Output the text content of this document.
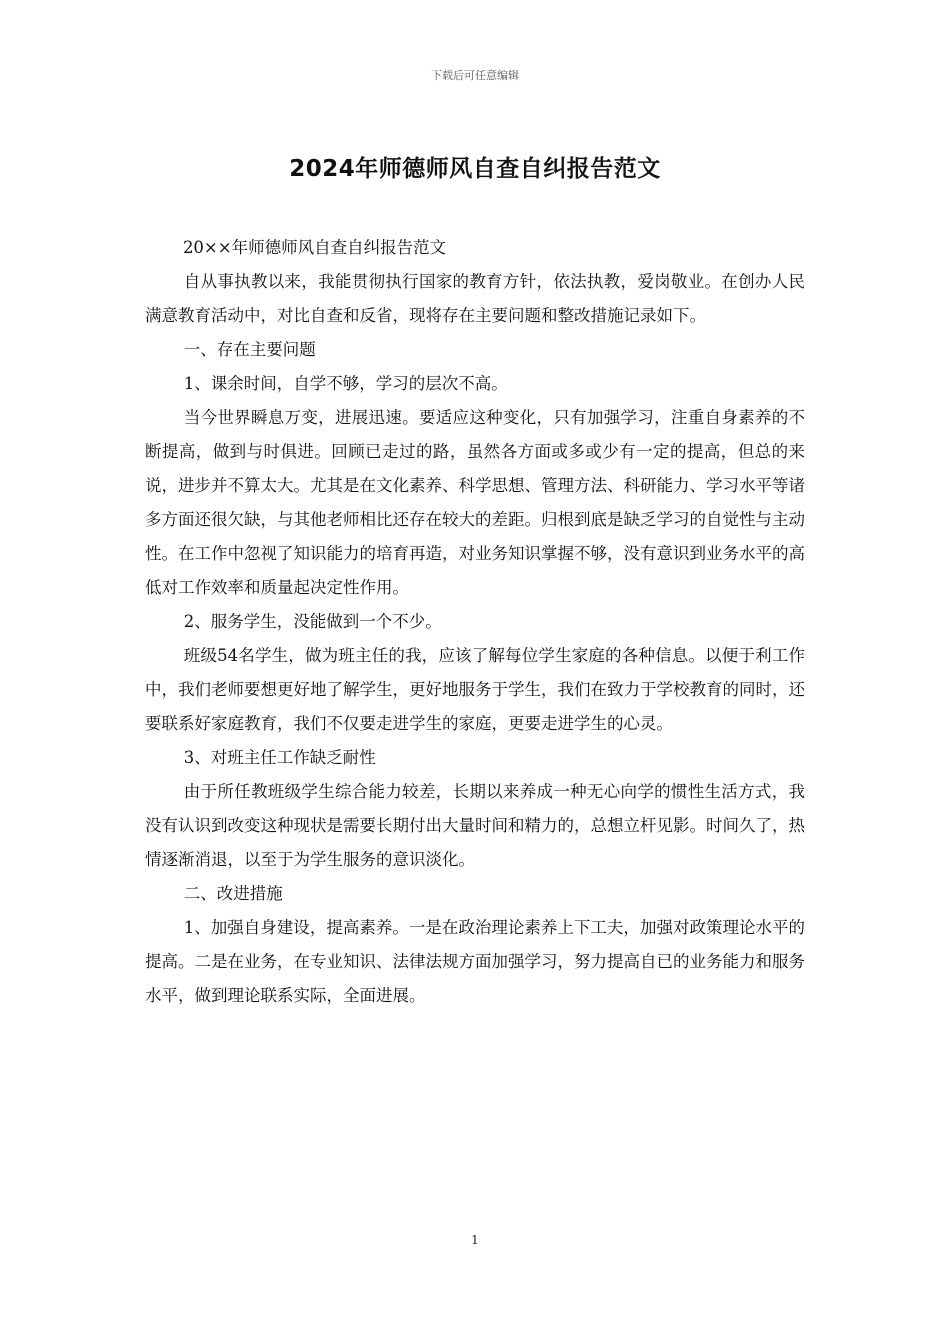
下载后可任意编辑
2024年师德师风自查自纠报告范文

20××年师德师风自查自纠报告范文

自从事执教以来，我能贯彻执行国家的教育方针，依法执教，爱岗敬业。在创办人民满意教育活动中，对比自查和反省，现将存在主要问题和整改措施记录如下。

一、存在主要问题

1、课余时间，自学不够，学习的层次不高。

当今世界瞬息万变，进展迅速。要适应这种变化，只有加强学习，注重自身素养的不断提高，做到与时俱进。回顾已走过的路，虽然各方面或多或少有一定的提高，但总的来说，进步并不算太大。尤其是在文化素养、科学思想、管理方法、科研能力、学习水平等诸多方面还很欠缺，与其他老师相比还存在较大的差距。归根到底是缺乏学习的自觉性与主动性。在工作中忽视了知识能力的培育再造，对业务知识掌握不够，没有意识到业务水平的高低对工作效率和质量起决定性作用。

2、服务学生，没能做到一个不少。

班级54名学生，做为班主任的我，应该了解每位学生家庭的各种信息。以便于利工作中，我们老师要想更好地了解学生，更好地服务于学生，我们在致力于学校教育的同时，还要联系好家庭教育，我们不仅要走进学生的家庭，更要走进学生的心灵。

3、对班主任工作缺乏耐性

由于所任教班级学生综合能力较差，长期以来养成一种无心向学的惯性生活方式，我没有认识到改变这种现状是需要长期付出大量时间和精力的，总想立杆见影。时间久了，热情逐渐消退，以至于为学生服务的意识淡化。

二、改进措施

1、加强自身建设，提高素养。一是在政治理论素养上下工夫，加强对政策理论水平的提高。二是在业务，在专业知识、法律法规方面加强学习，努力提高自已的业务能力和服务水平，做到理论联系实际，全面进展。

1
